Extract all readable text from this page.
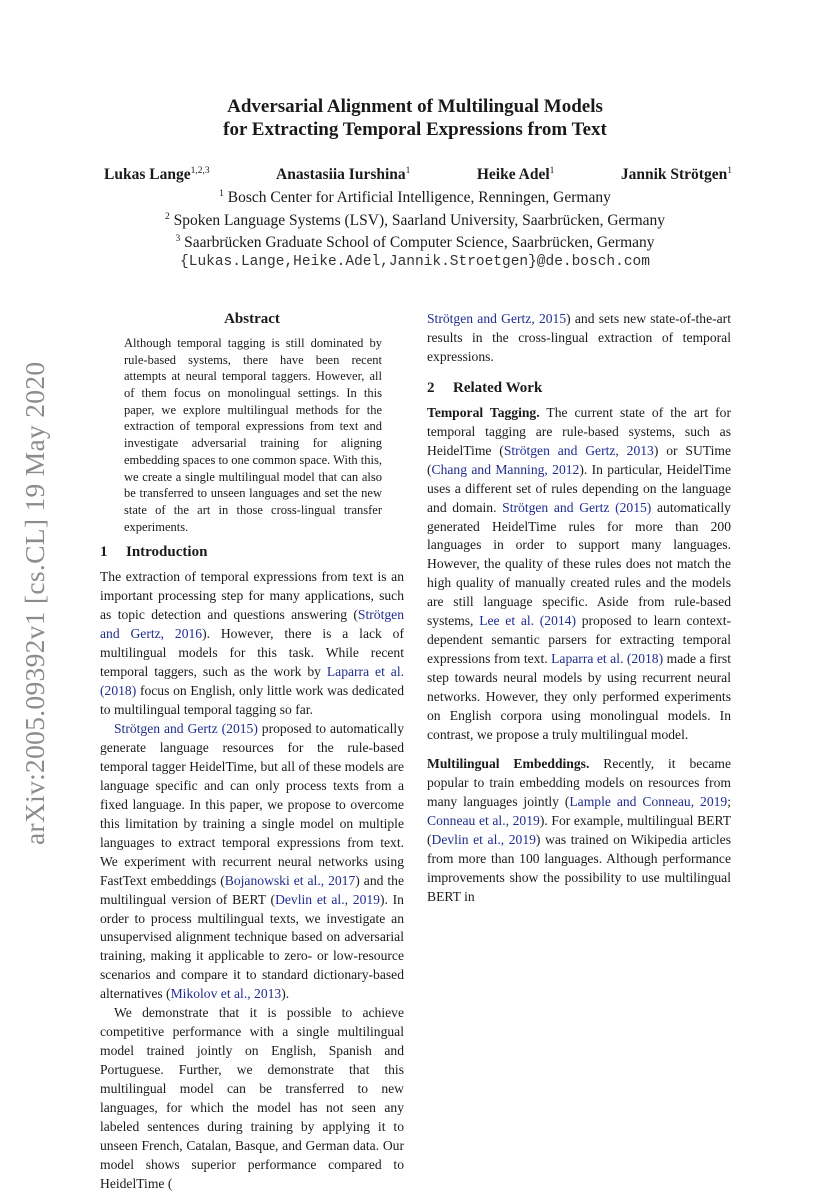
arXiv:2005.09392v1 [cs.CL] 19 May 2020
Adversarial Alignment of Multilingual Models
for Extracting Temporal Expressions from Text
Lukas Lange$^{1,2,3}$	Anastasiia Iurshina$^1$	Heike Adel$^1$	Jannik Strötgen$^1$
$^1$ Bosch Center for Artificial Intelligence, Renningen, Germany
$^2$ Spoken Language Systems (LSV), Saarland University, Saarbrücken, Germany
$^3$ Saarbrücken Graduate School of Computer Science, Saarbrücken, Germany
{Lukas.Lange,Heike.Adel,Jannik.Stroetgen}@de.bosch.com
Abstract

Although temporal tagging is still dominated by rule-based systems, there have been recent attempts at neural temporal taggers. However, all of them focus on monolingual settings. In this paper, we explore multilingual methods for the extraction of temporal expressions from text and investigate adversarial training for aligning embedding spaces to one common space. With this, we create a single multilingual model that can also be transferred to unseen languages and set the new state of the art in those cross-lingual transfer experiments.

1 Introduction

The extraction of temporal expressions from text is an important processing step for many applications, such as topic detection and questions answering (Strötgen and Gertz, 2016). However, there is a lack of multilingual models for this task. While recent temporal taggers, such as the work by Laparra et al. (2018) focus on English, only little work was dedicated to multilingual temporal tagging so far.

Strötgen and Gertz (2015) proposed to automatically generate language resources for the rule-based temporal tagger HeidelTime, but all of these models are language specific and can only process texts from a fixed language. In this paper, we propose to overcome this limitation by training a single model on multiple languages to extract temporal expressions from text. We experiment with recurrent neural networks using FastText embeddings (Bojanowski et al., 2017) and the multilingual version of BERT (Devlin et al., 2019). In order to process multilingual texts, we investigate an unsupervised alignment technique based on adversarial training, making it applicable to zero- or low-resource scenarios and compare it to standard dictionary-based alternatives (Mikolov et al., 2013).

We demonstrate that it is possible to achieve competitive performance with a single multilingual model trained jointly on English, Spanish and Portuguese. Further, we demonstrate that this multilingual model can be transferred to new languages, for which the model has not seen any labeled sentences during training by applying it to unseen French, Catalan, Basque, and German data. Our model shows superior performance compared to HeidelTime (

Strötgen and Gertz, 2015) and sets new state-of-the-art results in the cross-lingual extraction of temporal expressions.

2 Related Work

Temporal Tagging. The current state of the art for temporal tagging are rule-based systems, such as HeidelTime (Strötgen and Gertz, 2013) or SUTime (Chang and Manning, 2012). In particular, HeidelTime uses a different set of rules depending on the language and domain. Strötgen and Gertz (2015) automatically generated HeidelTime rules for more than 200 languages in order to support many languages. However, the quality of these rules does not match the high quality of manually created rules and the models are still language specific. Aside from rule-based systems, Lee et al. (2014) proposed to learn context-dependent semantic parsers for extracting temporal expressions from text. Laparra et al. (2018) made a first step towards neural models by using recurrent neural networks. However, they only performed experiments on English corpora using monolingual models. In contrast, we propose a truly multilingual model.

Multilingual Embeddings. Recently, it became popular to train embedding models on resources from many languages jointly (Lample and Conneau, 2019; Conneau et al., 2019). For example, multilingual BERT (Devlin et al., 2019) was trained on Wikipedia articles from more than 100 languages. Although performance improvements show the possibility to use multilingual BERT in
